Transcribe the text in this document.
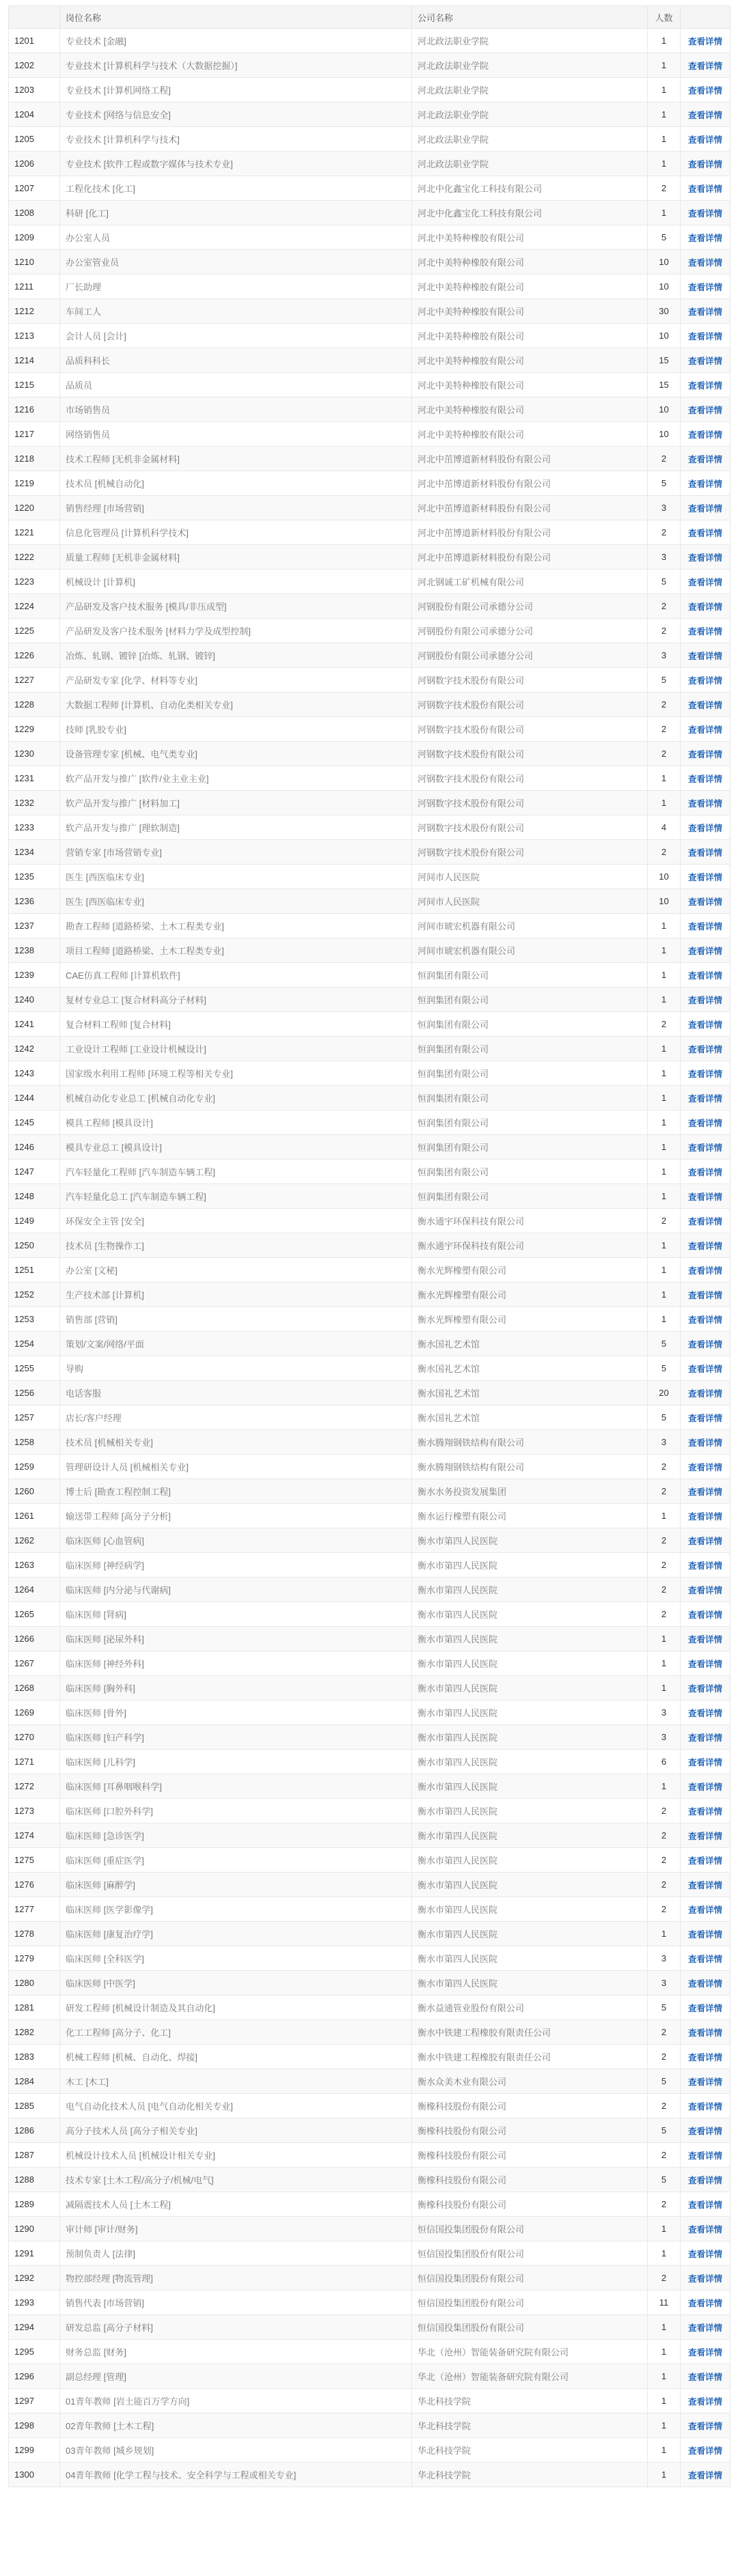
	岗位名称	公司名称	人数	
1201	专业技术 [金融]	河北政法职业学院	1	查看详情
1202	专业技术 [计算机科学与技术（大数据挖掘）]	河北政法职业学院	1	查看详情
1203	专业技术 [计算机网络工程]	河北政法职业学院	1	查看详情
1204	专业技术 [网络与信息安全]	河北政法职业学院	1	查看详情
1205	专业技术 [计算机科学与技术]	河北政法职业学院	1	查看详情
1206	专业技术 [软件工程或数字媒体与技术专业]	河北政法职业学院	1	查看详情
1207	工程化技术 [化工]	河北中化鑫宝化工科技有限公司	2	查看详情
1208	科研 [化工]	河北中化鑫宝化工科技有限公司	1	查看详情
1209	办公室人员	河北中美特种橡胶有限公司	5	查看详情
1210	办公室管业员	河北中美特种橡胶有限公司	10	查看详情
1211	厂长助理	河北中美特种橡胶有限公司	10	查看详情
1212	车间工人	河北中美特种橡胶有限公司	30	查看详情
1213	会计人员 [会计]	河北中美特种橡胶有限公司	10	查看详情
1214	品质科科长	河北中美特种橡胶有限公司	15	查看详情
1215	品质员	河北中美特种橡胶有限公司	15	查看详情
1216	市场销售员	河北中美特种橡胶有限公司	10	查看详情
1217	网络销售员	河北中美特种橡胶有限公司	10	查看详情
1218	技术工程师 [无机非金属材料]	河北中茁博道新材料股份有限公司	2	查看详情
1219	技术员 [机械自动化]	河北中茁博道新材料股份有限公司	5	查看详情
1220	销售经理 [市场营销]	河北中茁博道新材料股份有限公司	3	查看详情
1221	信息化管理员 [计算机科学技术]	河北中茁博道新材料股份有限公司	2	查看详情
1222	质量工程师 [无机非金属材料]	河北中茁博道新材料股份有限公司	3	查看详情
1223	机械设计 [计算机]	河北钢诚工矿机械有限公司	5	查看详情
1224	产品研发及客户技术服务 [模具/非压成型]	河钢股份有限公司承德分公司	2	查看详情
1225	产品研发及客户技术服务 [材料力学及成型控制]	河钢股份有限公司承德分公司	2	查看详情
1226	冶炼、轧钢、镀锌 [冶炼、轧钢、镀锌]	河钢股份有限公司承德分公司	3	查看详情
1227	产品研发专家 [化学、材料等专业]	河钢数字技术股份有限公司	5	查看详情
1228	大数据工程师 [计算机、自动化类相关专业]	河钢数字技术股份有限公司	2	查看详情
1229	技师 [乳胶专业]	河钢数字技术股份有限公司	2	查看详情
1230	设备管理专家 [机械、电气类专业]	河钢数字技术股份有限公司	2	查看详情
1231	软产品开发与推广 [软件/业主业主业]	河钢数字技术股份有限公司	1	查看详情
1232	软产品开发与推广 [材料加工]	河钢数字技术股份有限公司	1	查看详情
1233	软产品开发与推广 [理软制造]	河钢数字技术股份有限公司	4	查看详情
1234	营销专家 [市场营销专业]	河钢数字技术股份有限公司	2	查看详情
1235	医生 [西医临床专业]	河间市人民医院	10	查看详情
1236	医生 [西医临床专业]	河间市人民医院	10	查看详情
1237	勘查工程师 [道路桥梁、土木工程类专业]	河间市琥宏机器有限公司	1	查看详情
1238	项目工程师 [道路桥梁、土木工程类专业]	河间市琥宏机器有限公司	1	查看详情
1239	CAE仿真工程师 [计算机软件]	恒润集团有限公司	1	查看详情
1240	复材专业总工 [复合材料高分子材料]	恒润集团有限公司	1	查看详情
1241	复合材料工程师 [复合材料]	恒润集团有限公司	2	查看详情
1242	工业设计工程师 [工业设计机械设计]	恒润集团有限公司	1	查看详情
1243	国家级水利用工程师 [环境工程等相关专业]	恒润集团有限公司	1	查看详情
1244	机械自动化专业总工 [机械自动化专业]	恒润集团有限公司	1	查看详情
1245	模具工程师 [模具设计]	恒润集团有限公司	1	查看详情
1246	模具专业总工 [模具设计]	恒润集团有限公司	1	查看详情
1247	汽车轻量化工程师 [汽车制造车辆工程]	恒润集团有限公司	1	查看详情
1248	汽车轻量化总工 [汽车制造车辆工程]	恒润集团有限公司	1	查看详情
1249	环保安全主管 [安全]	衡水通宇环保科技有限公司	2	查看详情
1250	技术员 [生物操作工]	衡水通宇环保科技有限公司	1	查看详情
1251	办公室 [文秘]	衡水光辉橡塑有限公司	1	查看详情
1252	生产技术部 [计算机]	衡水光辉橡塑有限公司	1	查看详情
1253	销售部 [营销]	衡水光辉橡塑有限公司	1	查看详情
1254	策划/文案/网络/平面	衡水国礼艺术馆	5	查看详情
1255	导购	衡水国礼艺术馆	5	查看详情
1256	电话客服	衡水国礼艺术馆	20	查看详情
1257	店长/客户经理	衡水国礼艺术馆	5	查看详情
1258	技术员 [机械相关专业]	衡水腾翔钢铁结构有限公司	3	查看详情
1259	管理研设计人员 [机械相关专业]	衡水腾翔钢铁结构有限公司	2	查看详情
1260	博士后 [勘查工程控制工程]	衡水水务投资发展集团	2	查看详情
1261	输送带工程师 [高分子分析]	衡水运行橡塑有限公司	1	查看详情
1262	临床医师 [心血管病]	衡水市第四人民医院	2	查看详情
1263	临床医师 [神经病学]	衡水市第四人民医院	2	查看详情
1264	临床医师 [内分泌与代谢病]	衡水市第四人民医院	2	查看详情
1265	临床医师 [肾病]	衡水市第四人民医院	2	查看详情
1266	临床医师 [泌尿外科]	衡水市第四人民医院	1	查看详情
1267	临床医师 [神经外科]	衡水市第四人民医院	1	查看详情
1268	临床医师 [胸外科]	衡水市第四人民医院	1	查看详情
1269	临床医师 [骨外]	衡水市第四人民医院	3	查看详情
1270	临床医师 [妇产科学]	衡水市第四人民医院	3	查看详情
1271	临床医师 [儿科学]	衡水市第四人民医院	6	查看详情
1272	临床医师 [耳鼻咽喉科学]	衡水市第四人民医院	1	查看详情
1273	临床医师 [口腔外科学]	衡水市第四人民医院	2	查看详情
1274	临床医师 [急诊医学]	衡水市第四人民医院	2	查看详情
1275	临床医师 [重症医学]	衡水市第四人民医院	2	查看详情
1276	临床医师 [麻醉学]	衡水市第四人民医院	2	查看详情
1277	临床医师 [医学影像学]	衡水市第四人民医院	2	查看详情
1278	临床医师 [康复治疗学]	衡水市第四人民医院	1	查看详情
1279	临床医师 [全科医学]	衡水市第四人民医院	3	查看详情
1280	临床医师 [中医学]	衡水市第四人民医院	3	查看详情
1281	研发工程师 [机械设计制造及其自动化]	衡水益通管业股份有限公司	5	查看详情
1282	化工工程师 [高分子、化工]	衡水中铁建工程橡胶有限责任公司	2	查看详情
1283	机械工程师 [机械、自动化、焊接]	衡水中铁建工程橡胶有限责任公司	2	查看详情
1284	木工 [木工]	衡水众美木业有限公司	5	查看详情
1285	电气自动化技术人员 [电气自动化相关专业]	衡橡科技股份有限公司	2	查看详情
1286	高分子技术人员 [高分子相关专业]	衡橡科技股份有限公司	5	查看详情
1287	机械设计技术人员 [机械设计相关专业]	衡橡科技股份有限公司	2	查看详情
1288	技术专家 [土木工程/高分子/机械/电气]	衡橡科技股份有限公司	5	查看详情
1289	减隔震技术人员 [土木工程]	衡橡科技股份有限公司	2	查看详情
1290	审计师 [审计/财务]	恒信国投集团股份有限公司	1	查看详情
1291	预制负责人 [法律]	恒信国投集团股份有限公司	1	查看详情
1292	物控部经理 [物流管理]	恒信国投集团股份有限公司	2	查看详情
1293	销售代表 [市场营销]	恒信国投集团股份有限公司	11	查看详情
1294	研发总监 [高分子材料]	恒信国投集团股份有限公司	1	查看详情
1295	财务总监 [财务]	华北（沧州）智能装备研究院有限公司	1	查看详情
1296	副总经理 [管理]	华北（沧州）智能装备研究院有限公司	1	查看详情
1297	01青年教师 [岩土能百万学方向]	华北科技学院	1	查看详情
1298	02青年教师 [土木工程]	华北科技学院	1	查看详情
1299	03青年教师 [城乡规划]	华北科技学院	1	查看详情
1300	04青年教师 [化学工程与技术、安全科学与工程或相关专业]	华北科技学院	1	查看详情
